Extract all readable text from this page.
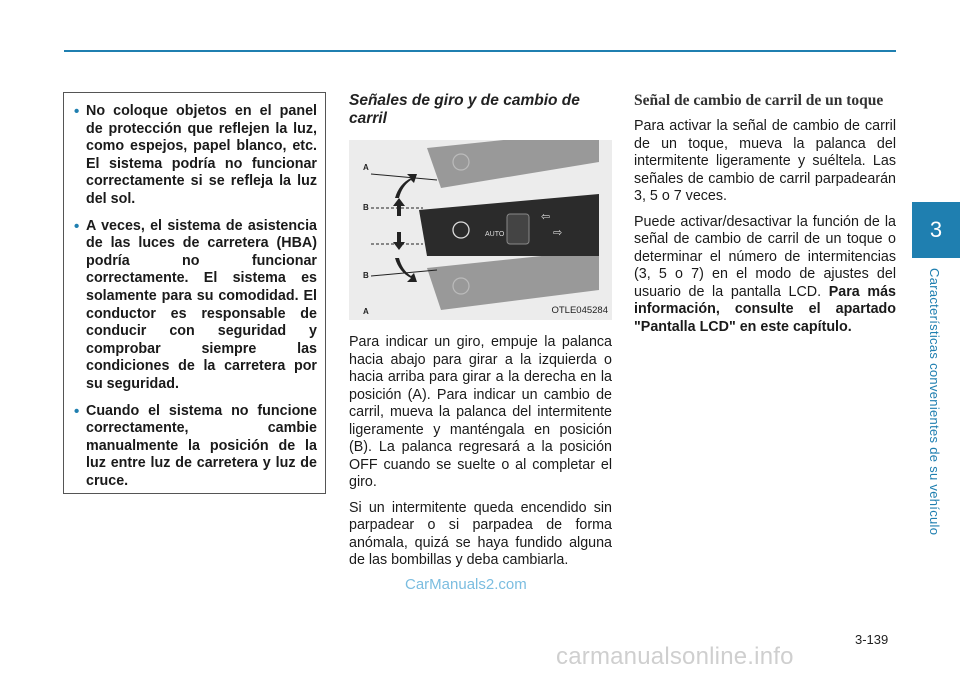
3
Características convenientes de su vehículo
• No coloque objetos en el panel de protección que reflejen la luz, como espejos, papel blanco, etc. El sistema podría no funcionar correctamente si se refleja la luz del sol.
• A veces, el sistema de asistencia de las luces de carretera (HBA) podría no funcionar correctamente. El sistema es solamente para su comodidad. El conductor es responsable de conducir con seguridad y comprobar siempre las condiciones de la carretera por su seguridad.
• Cuando el sistema no funcione correctamente, cambie manualmente la posición de la luz entre luz de carretera y luz de cruce.
Señales de giro y de cambio de carril
AUTO
⇦
⇨
A
B
B
A	OTLE045284

Para indicar un giro, empuje la palanca hacia abajo para girar a la izquierda o hacia arriba para girar a la derecha en la posición (A). Para indicar un cambio de carril, mueva la palanca del intermitente ligeramente y manténgala en posición (B). La palanca regresará a la posición OFF cuando se suelte o al completar el giro.

Si un intermitente queda encendido sin parpadear o si parpadea de forma anómala, quizá se haya fundido alguna de las bombillas y deba cambiarla.

Señal de cambio de carril de un toque

Para activar la señal de cambio de carril de un toque, mueva la palanca del intermitente ligeramente y suéltela. Las señales de cambio de carril parpadearán 3, 5 o 7 veces.

Puede activar/desactivar la función de la señal de cambio de carril de un toque o determinar el número de intermitencias (3, 5 o 7) en el modo de ajustes del usuario de la pantalla LCD. Para más información, consulte el apartado "Pantalla LCD" en este capítulo.

3-139
CarManuals2.com
carmanualsonline.info
